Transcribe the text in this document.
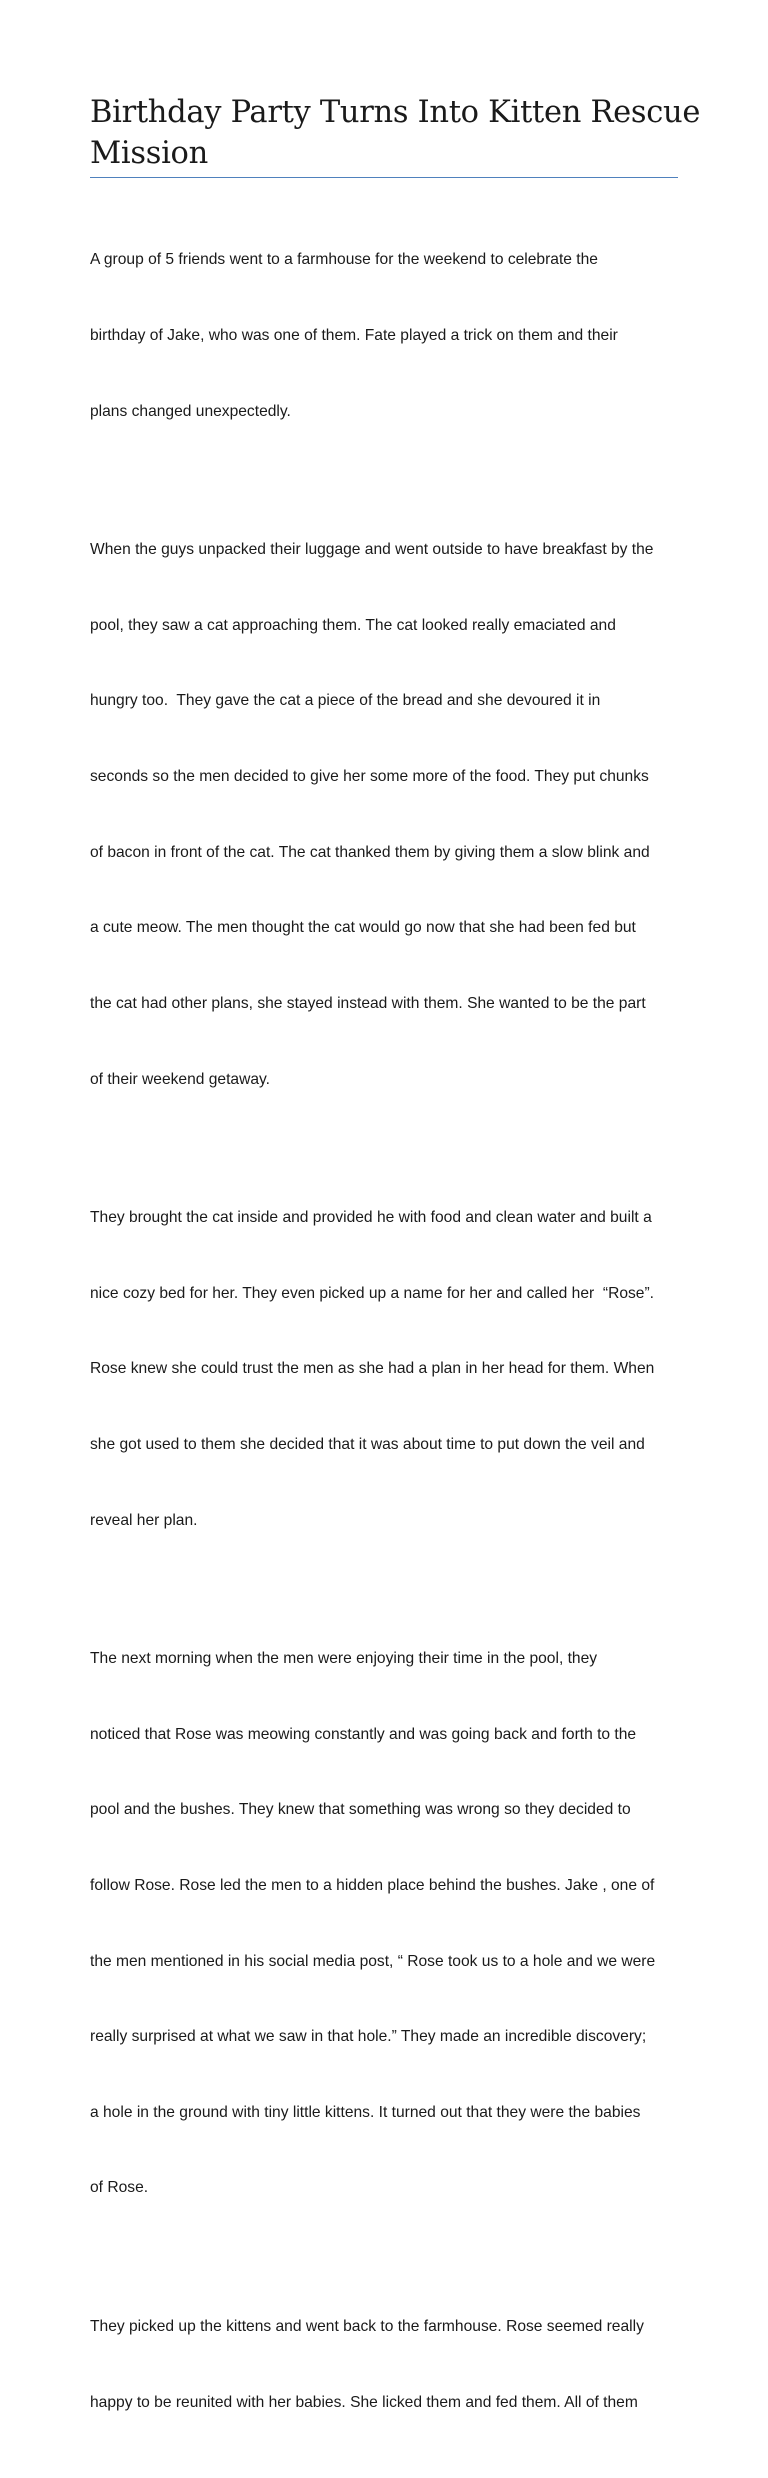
Birthday Party Turns Into Kitten Rescue
Mission

A group of 5 friends went to a farmhouse for the weekend to celebrate the

birthday of Jake, who was one of them. Fate played a trick on them and their

plans changed unexpectedly.

When the guys unpacked their luggage and went outside to have breakfast by the

pool, they saw a cat approaching them. The cat looked really emaciated and

hungry too.  They gave the cat a piece of the bread and she devoured it in

seconds so the men decided to give her some more of the food. They put chunks

of bacon in front of the cat. The cat thanked them by giving them a slow blink and

a cute meow. The men thought the cat would go now that she had been fed but

the cat had other plans, she stayed instead with them. She wanted to be the part

of their weekend getaway.

They brought the cat inside and provided he with food and clean water and built a

nice cozy bed for her. They even picked up a name for her and called her  “Rose”.

Rose knew she could trust the men as she had a plan in her head for them. When

she got used to them she decided that it was about time to put down the veil and

reveal her plan.

The next morning when the men were enjoying their time in the pool, they

noticed that Rose was meowing constantly and was going back and forth to the

pool and the bushes. They knew that something was wrong so they decided to

follow Rose. Rose led the men to a hidden place behind the bushes. Jake , one of

the men mentioned in his social media post, “ Rose took us to a hole and we were

really surprised at what we saw in that hole.” They made an incredible discovery;

a hole in the ground with tiny little kittens. It turned out that they were the babies

of Rose.

They picked up the kittens and went back to the farmhouse. Rose seemed really

happy to be reunited with her babies. She licked them and fed them. All of them
